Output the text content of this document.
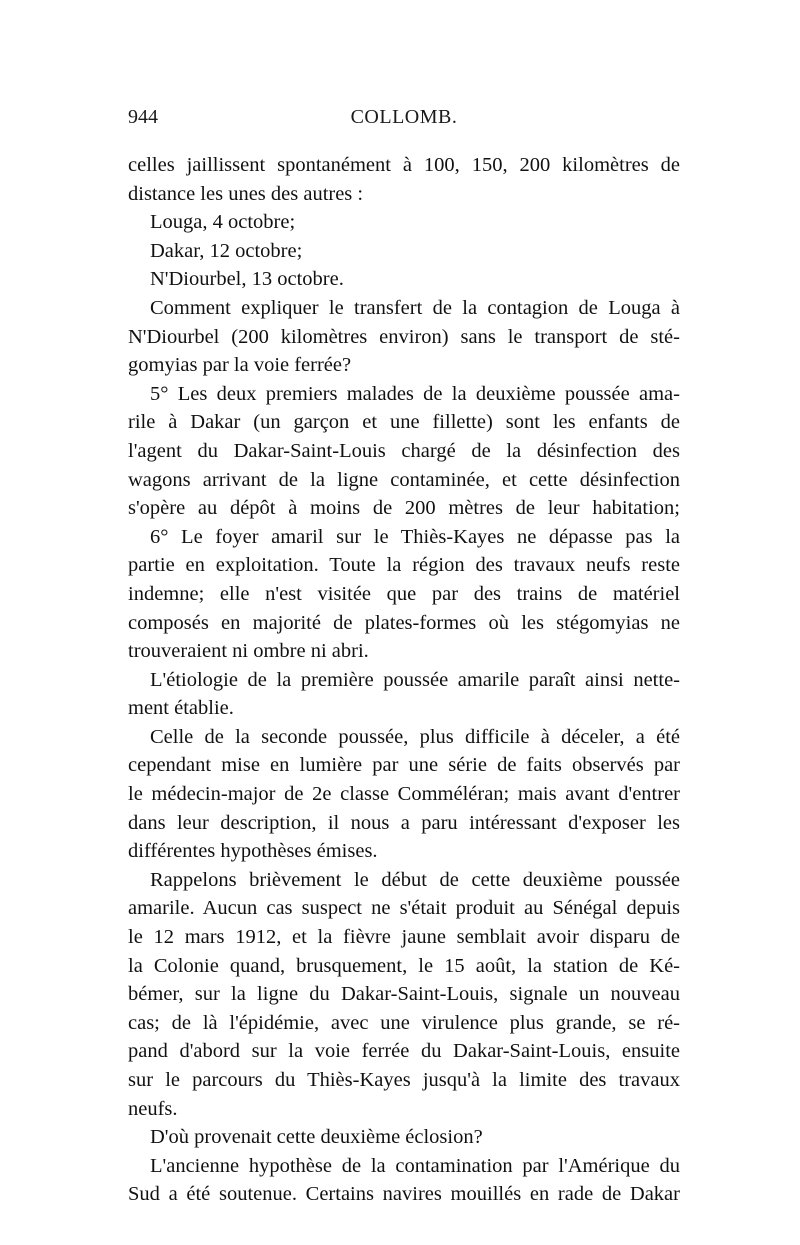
944	COLLOMB.
celles jaillissent spontanément à 100, 150, 200 kilomètres de
distance les unes des autres :
Louga, 4 octobre;
Dakar, 12 octobre;
N'Diourbel, 13 octobre.
Comment expliquer le transfert de la contagion de Louga à
N'Diourbel (200 kilomètres environ) sans le transport de sté-
gomyias par la voie ferrée?
5° Les deux premiers malades de la deuxième poussée ama-
rile à Dakar (un garçon et une fillette) sont les enfants de
l'agent du Dakar-Saint-Louis chargé de la désinfection des
wagons arrivant de la ligne contaminée, et cette désinfection
s'opère au dépôt à moins de 200 mètres de leur habitation;
6° Le foyer amaril sur le Thiès-Kayes ne dépasse pas la
partie en exploitation. Toute la région des travaux neufs reste
indemne; elle n'est visitée que par des trains de matériel
composés en majorité de plates-formes où les stégomyias ne
trouveraient ni ombre ni abri.
L'étiologie de la première poussée amarile paraît ainsi nette-
ment établie.
Celle de la seconde poussée, plus difficile à déceler, a été
cependant mise en lumière par une série de faits observés par
le médecin-major de 2e classe Comméléran; mais avant d'entrer
dans leur description, il nous a paru intéressant d'exposer les
différentes hypothèses émises.
Rappelons brièvement le début de cette deuxième poussée
amarile. Aucun cas suspect ne s'était produit au Sénégal depuis
le 12 mars 1912, et la fièvre jaune semblait avoir disparu de
la Colonie quand, brusquement, le 15 août, la station de Ké-
bémer, sur la ligne du Dakar-Saint-Louis, signale un nouveau
cas; de là l'épidémie, avec une virulence plus grande, se ré-
pand d'abord sur la voie ferrée du Dakar-Saint-Louis, ensuite
sur le parcours du Thiès-Kayes jusqu'à la limite des travaux
neufs.
D'où provenait cette deuxième éclosion?
L'ancienne hypothèse de la contamination par l'Amérique du
Sud a été soutenue. Certains navires mouillés en rade de Dakar
